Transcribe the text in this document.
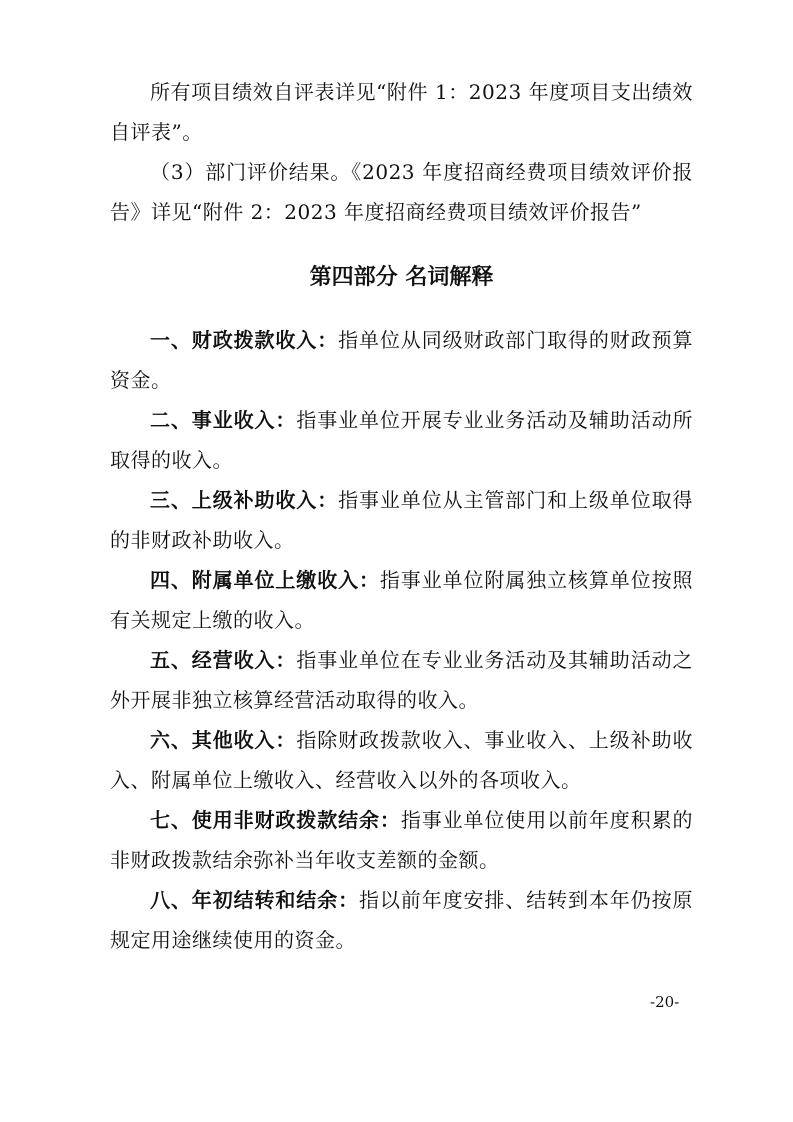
所有项目绩效自评表详见“附件 1：2023 年度项目支出绩效自评表”。

（3）部门评价结果。《2023 年度招商经费项目绩效评价报告》详见“附件 2：2023 年度招商经费项目绩效评价报告”

第四部分 名词解释

一、财政拨款收入：指单位从同级财政部门取得的财政预算资金。

二、事业收入：指事业单位开展专业业务活动及辅助活动所取得的收入。

三、上级补助收入：指事业单位从主管部门和上级单位取得的非财政补助收入。

四、附属单位上缴收入：指事业单位附属独立核算单位按照有关规定上缴的收入。

五、经营收入：指事业单位在专业业务活动及其辅助活动之外开展非独立核算经营活动取得的收入。

六、其他收入：指除财政拨款收入、事业收入、上级补助收入、附属单位上缴收入、经营收入以外的各项收入。

七、使用非财政拨款结余：指事业单位使用以前年度积累的非财政拨款结余弥补当年收支差额的金额。

八、年初结转和结余：指以前年度安排、结转到本年仍按原规定用途继续使用的资金。

-20-
